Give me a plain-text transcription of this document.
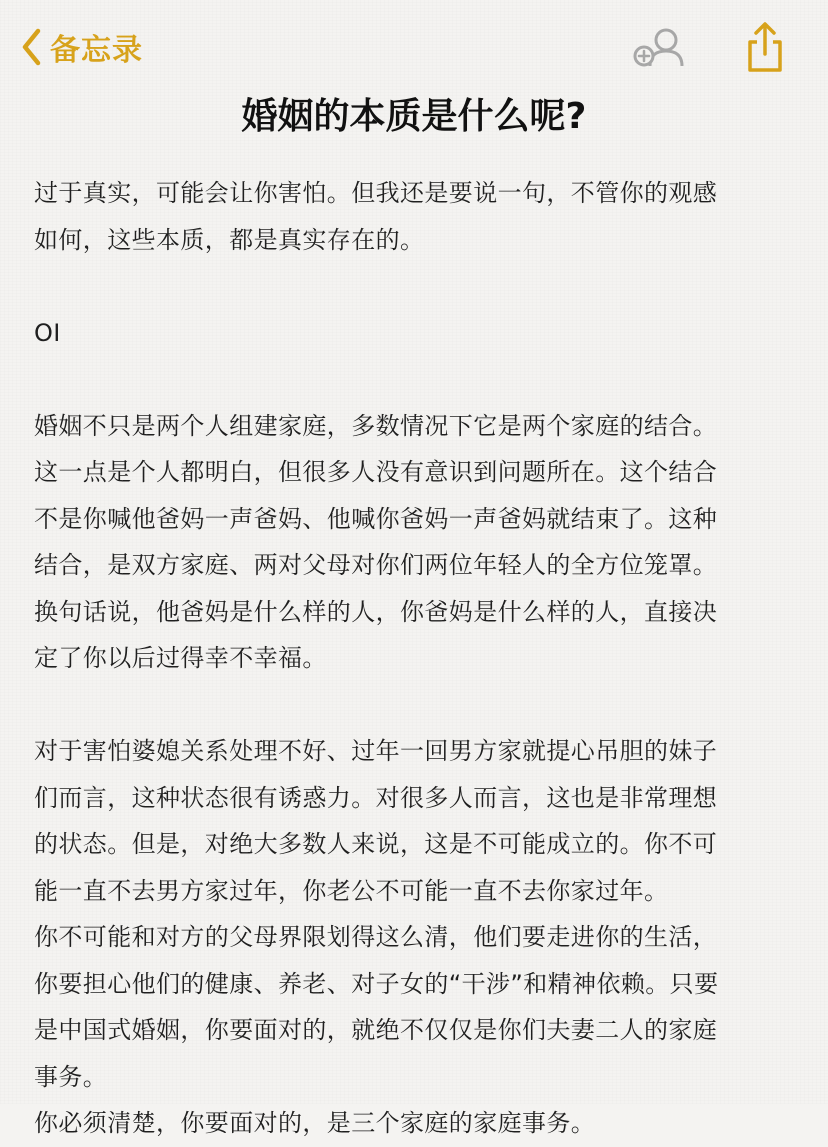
备忘录
婚姻的本质是什么呢?

过于真实，可能会让你害怕。但我还是要说一句，不管你的观感
如何，这些本质，都是真实存在的。

OI

婚姻不只是两个人组建家庭，多数情况下它是两个家庭的结合。
这一点是个人都明白，但很多人没有意识到问题所在。这个结合
不是你喊他爸妈一声爸妈、他喊你爸妈一声爸妈就结束了。这种
结合，是双方家庭、两对父母对你们两位年轻人的全方位笼罩。
换句话说，他爸妈是什么样的人，你爸妈是什么样的人，直接决
定了你以后过得幸不幸福。

对于害怕婆媳关系处理不好、过年一回男方家就提心吊胆的妹子
们而言，这种状态很有诱惑力。对很多人而言，这也是非常理想
的状态。但是，对绝大多数人来说，这是不可能成立的。你不可
能一直不去男方家过年，你老公不可能一直不去你家过年。
你不可能和对方的父母界限划得这么清，他们要走进你的生活，
你要担心他们的健康、养老、对子女的“干涉”和精神依赖。只要
是中国式婚姻，你要面对的，就绝不仅仅是你们夫妻二人的家庭
事务。
你必须清楚，你要面对的，是三个家庭的家庭事务。
